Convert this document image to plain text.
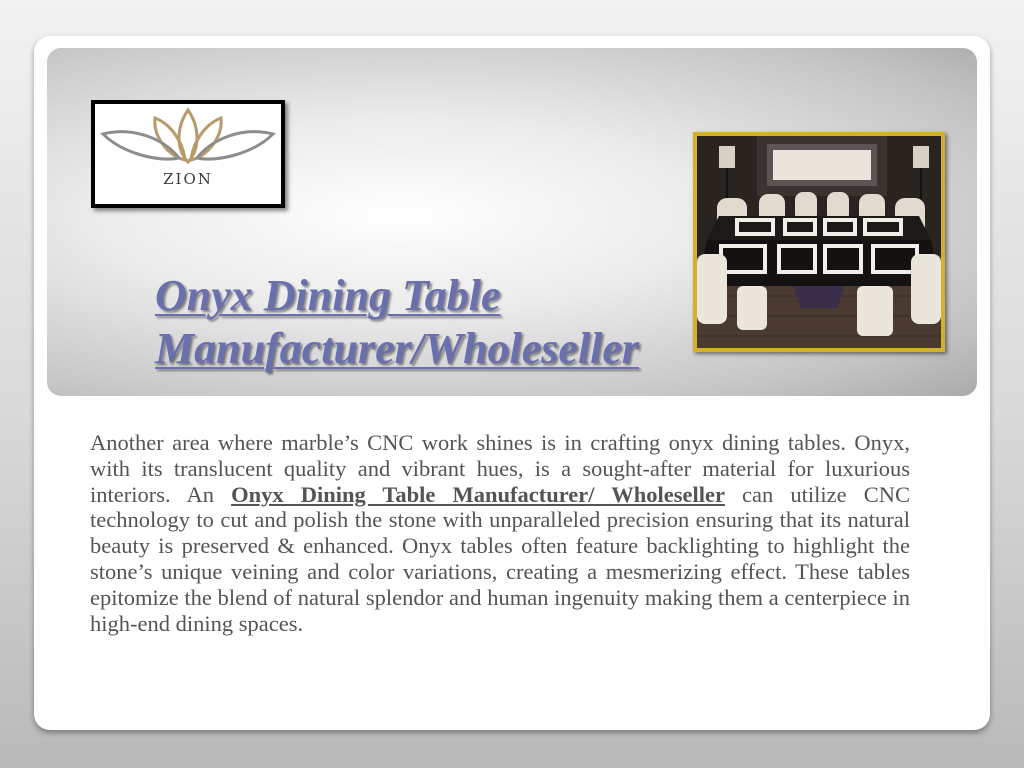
ZION
Onyx Dining Table
Manufacturer/Wholeseller

Another area where marble’s CNC work shines is in crafting onyx dining tables. Onyx, with its translucent quality and vibrant hues, is a sought-after material for luxurious interiors. An Onyx Dining Table Manufacturer/ Wholeseller can utilize CNC technology to cut and polish the stone with unparalleled precision ensuring that its natural beauty is preserved & enhanced. Onyx tables often feature backlighting to highlight the stone’s unique veining and color variations, creating a mesmerizing effect. These tables epitomize the blend of natural splendor and human ingenuity making them a centerpiece in high-end dining spaces.
